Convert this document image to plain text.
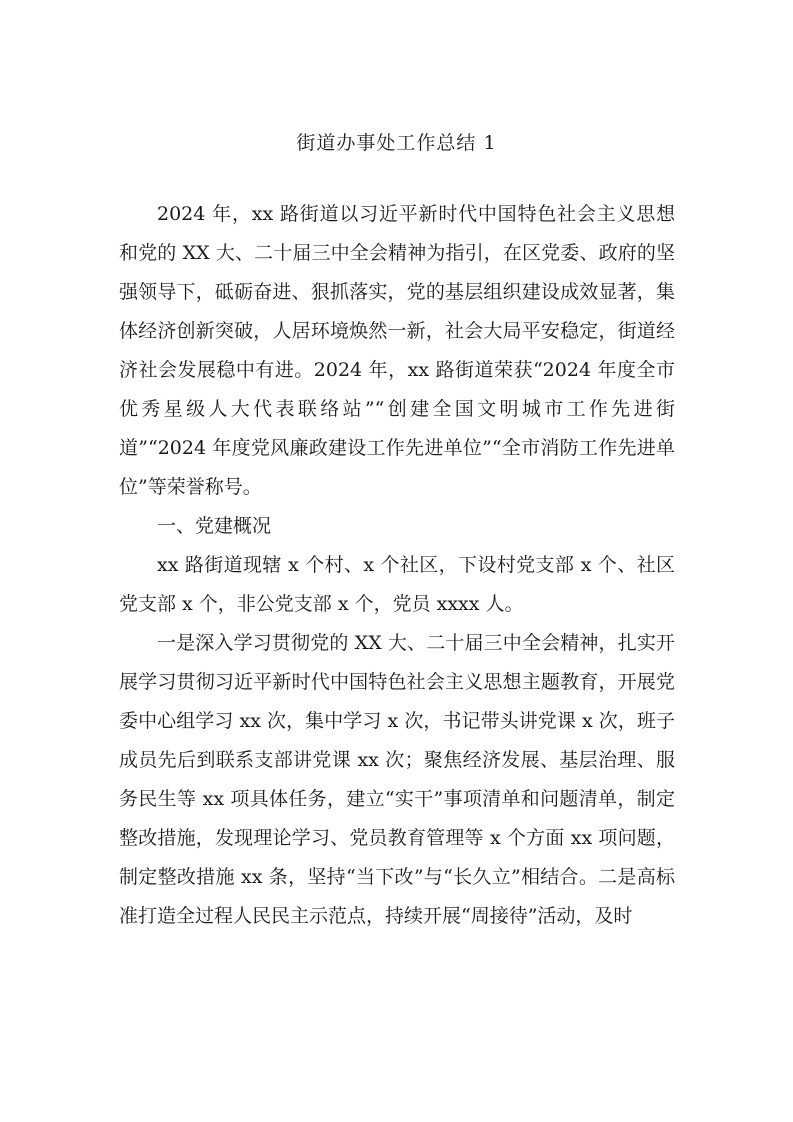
街道办事处工作总结 1

2024 年，xx 路街道以习近平新时代中国特色社会主义思想和党的 XX 大、二十届三中全会精神为指引，在区党委、政府的坚强领导下，砥砺奋进、狠抓落实，党的基层组织建设成效显著，集体经济创新突破，人居环境焕然一新，社会大局平安稳定，街道经济社会发展稳中有进。2024 年，xx 路街道荣获“2024 年度全市优秀星级人大代表联络站”“创建全国文明城市工作先进街道”“2024 年度党风廉政建设工作先进单位”“全市消防工作先进单位”等荣誉称号。

一、党建概况

xx 路街道现辖 x 个村、x 个社区，下设村党支部 x 个、社区党支部 x 个，非公党支部 x 个，党员 xxxx 人。

一是深入学习贯彻党的 XX 大、二十届三中全会精神，扎实开展学习贯彻习近平新时代中国特色社会主义思想主题教育，开展党委中心组学习 xx 次，集中学习 x 次，书记带头讲党课 x 次，班子成员先后到联系支部讲党课 xx 次；聚焦经济发展、基层治理、服务民生等 xx 项具体任务，建立“实干”事项清单和问题清单，制定整改措施，发现理论学习、党员教育管理等 x 个方面 xx 项问题，制定整改措施 xx 条，坚持“当下改”与“长久立”相结合。二是高标准打造全过程人民民主示范点，持续开展“周接待”活动，及时
